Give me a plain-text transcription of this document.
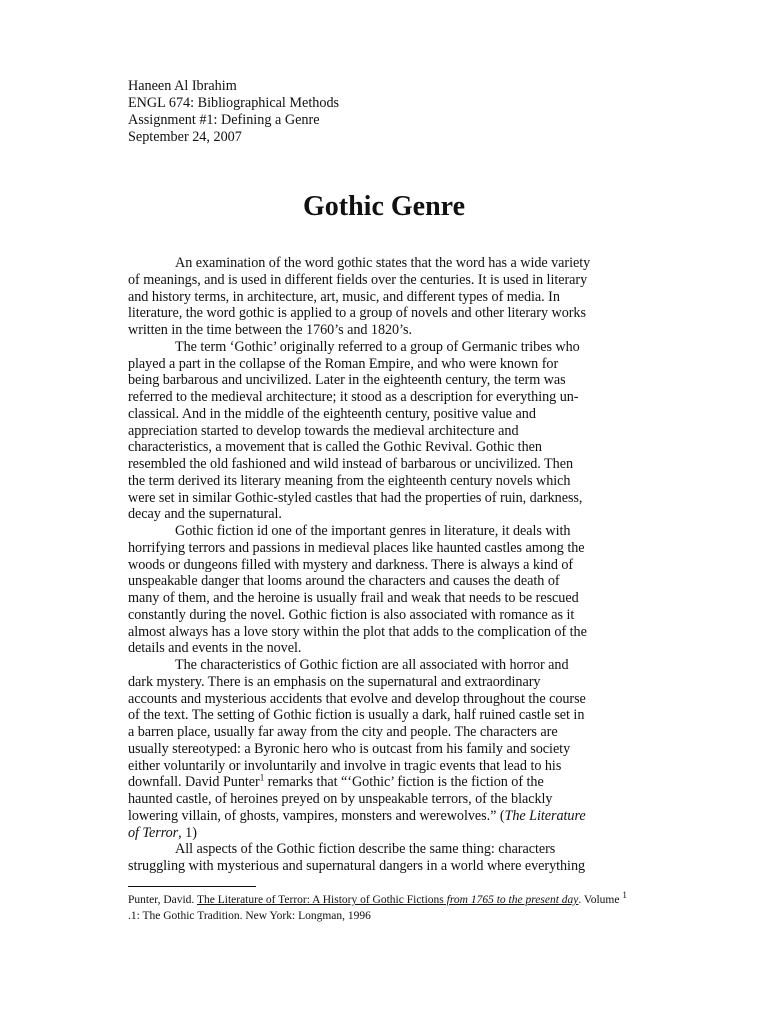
Haneen Al Ibrahim
ENGL 674: Bibliographical Methods
Assignment #1: Defining a Genre
September 24, 2007
Gothic Genre
An examination of the word gothic states that the word has a wide variety
of meanings, and is used in different fields over the centuries. It is used in literary
and history terms, in architecture, art, music, and different types of media. In
literature, the word gothic is applied to a group of novels and other literary works
written in the time between the 1760’s and 1820’s.
The term ‘Gothic’ originally referred to a group of Germanic tribes who
played a part in the collapse of the Roman Empire, and who were known for
being barbarous and uncivilized. Later in the eighteenth century, the term was
referred to the medieval architecture; it stood as a description for everything un-
classical. And in the middle of the eighteenth century, positive value and
appreciation started to develop towards the medieval architecture and
characteristics, a movement that is called the Gothic Revival. Gothic then
resembled the old fashioned and wild instead of barbarous or uncivilized. Then
the term derived its literary meaning from the eighteenth century novels which
were set in similar Gothic-styled castles that had the properties of ruin, darkness,
decay and the supernatural.
Gothic fiction id one of the important genres in literature, it deals with
horrifying terrors and passions in medieval places like haunted castles among the
woods or dungeons filled with mystery and darkness. There is always a kind of
unspeakable danger that looms around the characters and causes the death of
many of them, and the heroine is usually frail and weak that needs to be rescued
constantly during the novel. Gothic fiction is also associated with romance as it
almost always has a love story within the plot that adds to the complication of the
details and events in the novel.
The characteristics of Gothic fiction are all associated with horror and
dark mystery. There is an emphasis on the supernatural and extraordinary
accounts and mysterious accidents that evolve and develop throughout the course
of the text. The setting of Gothic fiction is usually a dark, half ruined castle set in
a barren place, usually far away from the city and people. The characters are
usually stereotyped: a Byronic hero who is outcast from his family and society
either voluntarily or involuntarily and involve in tragic events that lead to his
downfall. David Punter$^1$ remarks that “‘Gothic’ fiction is the fiction of the
haunted castle, of heroines preyed on by unspeakable terrors, of the blackly
lowering villain, of ghosts, vampires, monsters and werewolves.” (The Literature
of Terror, 1)
All aspects of the Gothic fiction describe the same thing: characters
struggling with mysterious and supernatural dangers in a world where everything
Punter, David. The Literature of Terror: A History of Gothic Fictions from 1765 to the present day. Volume $^1$
.1: The Gothic Tradition. New York: Longman, 1996
